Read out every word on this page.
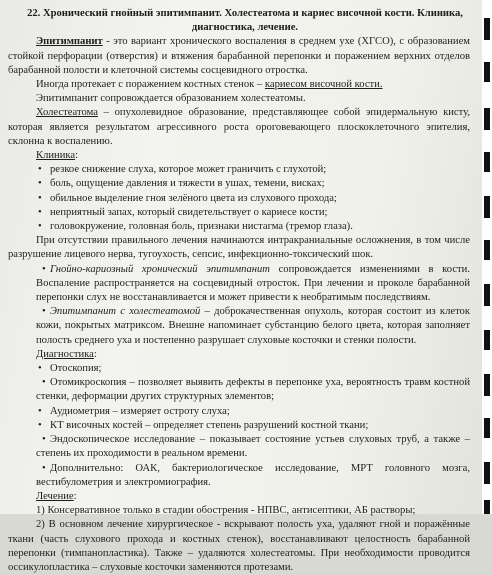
22. Хронический гнойный эпитимпанит. Холестеатома и кариес височной кости. Клиника, диагностика, лечение.

Эпитимпанит - это вариант хронического воспаления в среднем ухе (ХГСО), с образованием стойкой перфорации (отверстия) и втяжения барабанной перепонки и поражением верхних отделов барабанной полости и клеточной системы сосцевидного отростка.

Иногда протекает с поражением костных стенок – кариесом височной кости.

Эпитимпанит сопровождается образованием холестеатомы.

Холестеатома – опухолевидное образование, представляющее собой эпидермальную кисту, которая является результатом агрессивного роста ороговевающего плоскоклеточного эпителия, склонна к воспалению.

Клиника:

• резкое снижение слуха, которое может граничить с глухотой;
• боль, ощущение давления и тяжести в ушах, темени, висках;
• обильное выделение гноя зелёного цвета из слухового прохода;
• неприятный запах, который свидетельствует о кариесе кости;
• головокружение, головная боль, признаки нистагма (тремор глаза).

При отсутствии правильного лечения начинаются интракраниальные осложнения, в том числе разрушение лицевого нерва, тугоухость, сепсис, инфекционно-токсический шок.

• Гнойно-кариозный хронический эпитимпанит сопровождается изменениями в кости. Воспаление распространяется на сосцевидный отросток. При лечении и проколе барабанной перепонки слух не восстанавливается и может привести к необратимым последствиям.
• Эпитимпанит с холестеатомой – доброкачественная опухоль, которая состоит из клеток кожи, покрытых матриксом. Внешне напоминает субстанцию белого цвета, которая заполняет полость среднего уха и постепенно разрушает слуховые косточки и стенки полости.

Диагностика:

• Отоскопия;
• Отомикроскопия – позволяет выявить дефекты в перепонке уха, вероятность травм костной стенки, деформации других структурных элементов;
• Аудиометрия – измеряет остроту слуха;
• КТ височных костей – определяет степень разрушений костной ткани;
• Эндоскопическое исследование – показывает состояние устьев слуховых труб, а также – степень их проходимости в реальном времени.
• Дополнительно: ОАК, бактериологическое исследование, МРТ головного мозга, вестибулометрия и электромиография.

Лечение:

1) Консервативное только в стадии обострения - НПВС, антисептики, АБ растворы;

2) В основном лечение хирургическое - вскрывают полость уха, удаляют гной и поражённые ткани (часть слухового прохода и костных стенок), восстанавливают целостность барабанной перепонки (тимпанопластика). Также – удаляются холестеатомы. При необходимости проводится оссикулопластика – слуховые косточки заменяются протезами.
